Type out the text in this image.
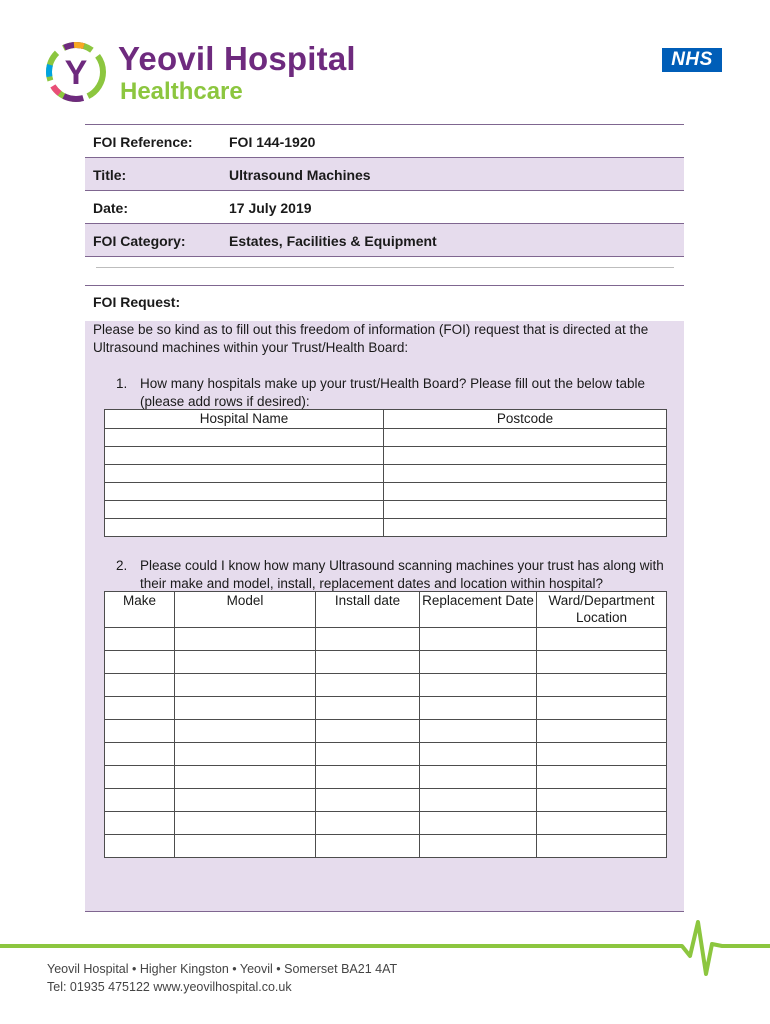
Y Yeovil Hospital
Healthcare
NHS
FOI Reference:	FOI 144-1920
Title:	Ultrasound Machines
Date:	17 July 2019
FOI Category:	Estates, Facilities & Equipment
FOI Request:
Please be so kind as to fill out this freedom of information (FOI) request that is directed at the Ultrasound machines within your Trust/Health Board:
1. How many hospitals make up your trust/Health Board? Please fill out the below table (please add rows if desired):
Hospital Name	Postcode

2. Please could I know how many Ultrasound scanning machines your trust has along with their make and model, install, replacement dates and location within hospital?
Make	Model	Install date	Replacement Date	Ward/Department Location

Yeovil Hospital • Higher Kingston • Yeovil • Somerset BA21 4AT
Tel: 01935 475122 www.yeovilhospital.co.uk
